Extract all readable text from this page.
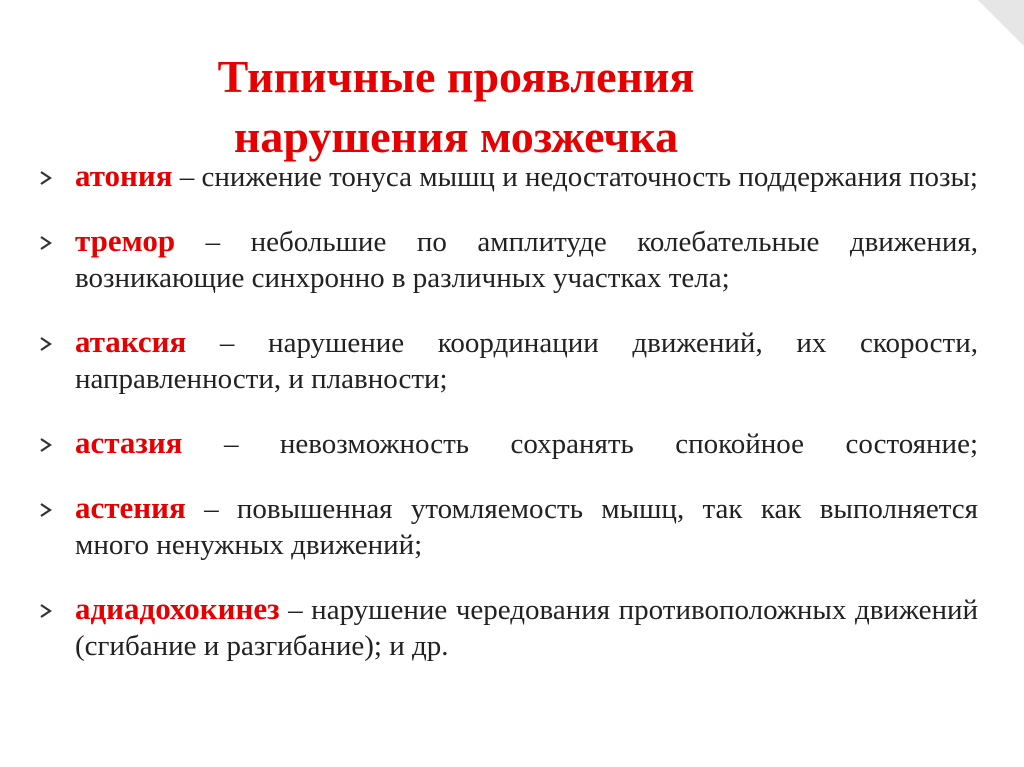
Типичные проявления
нарушения мозжечка
атония – снижение тонуса мышц и недостаточность поддержания позы;
тремор – небольшие по амплитуде колебательные движения, возникающие синхронно в различных участках тела;
атаксия – нарушение координации движений, их скорости, направленности, и плавности;
астазия – невозможность сохранять спокойное состояние;
астения – повышенная утомляемость мышц, так как выполняется много ненужных движений;
адиадохокинез – нарушение чередования противоположных движений (сгибание и разгибание); и др.
